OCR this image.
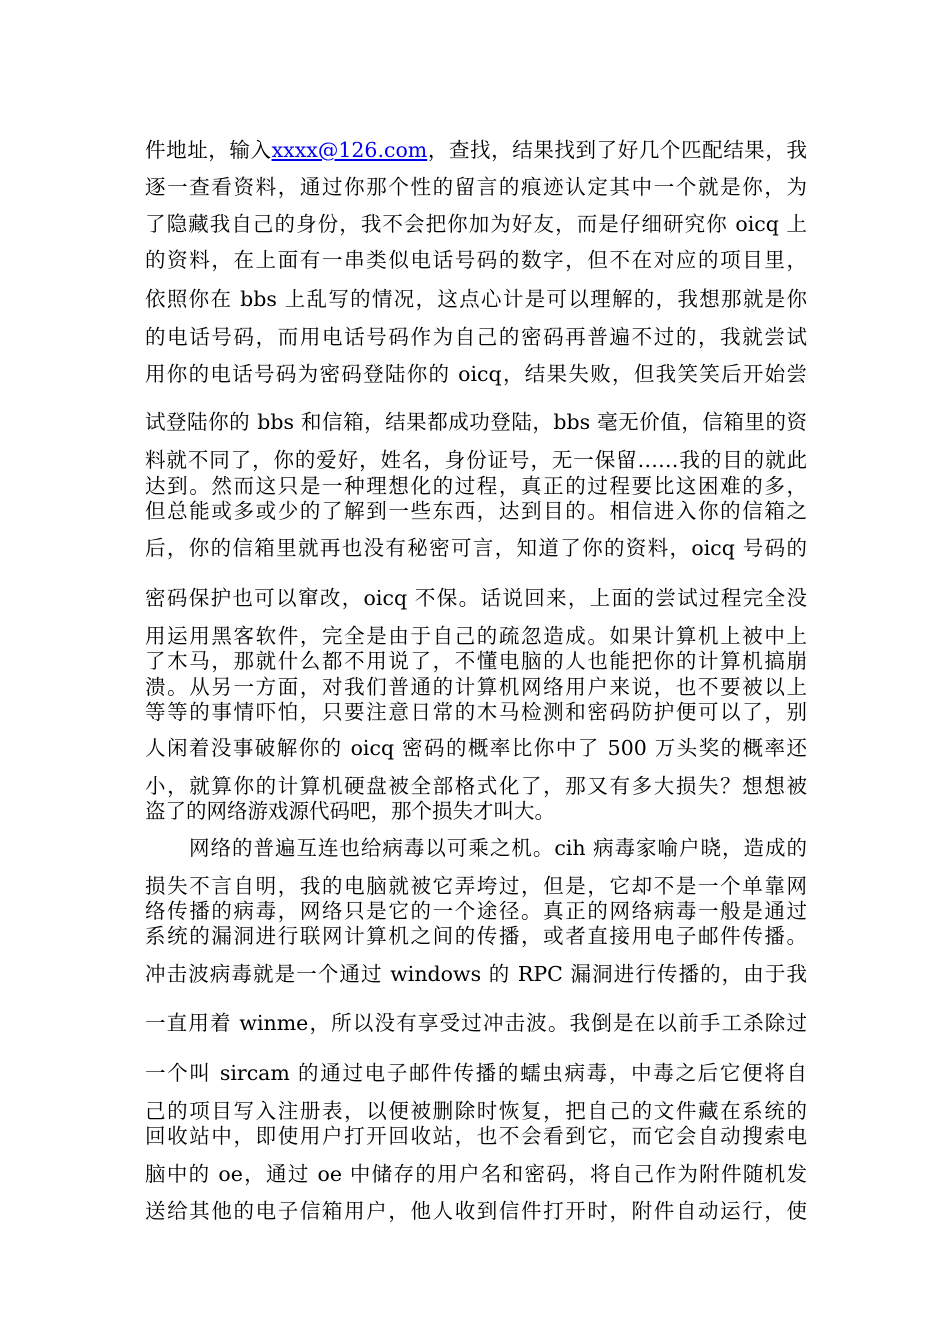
件地址，输入xxxx@126.com，查找，结果找到了好几个匹配结果，我
逐一查看资料，通过你那个性的留言的痕迹认定其中一个就是你，为
了隐藏我自己的身份，我不会把你加为好友，而是仔细研究你 oicq 上
的资料，在上面有一串类似电话号码的数字，但不在对应的项目里，
依照你在 bbs 上乱写的情况，这点心计是可以理解的，我想那就是你
的电话号码，而用电话号码作为自己的密码再普遍不过的，我就尝试
用你的电话号码为密码登陆你的 oicq，结果失败，但我笑笑后开始尝
试登陆你的 bbs 和信箱，结果都成功登陆，bbs 毫无价值，信箱里的资
料就不同了，你的爱好，姓名，身份证号，无一保留……我的目的就此
达到。然而这只是一种理想化的过程，真正的过程要比这困难的多，
但总能或多或少的了解到一些东西，达到目的。相信进入你的信箱之
后，你的信箱里就再也没有秘密可言，知道了你的资料，oicq 号码的
密码保护也可以窜改，oicq 不保。话说回来，上面的尝试过程完全没
用运用黑客软件，完全是由于自己的疏忽造成。如果计算机上被中上
了木马，那就什么都不用说了，不懂电脑的人也能把你的计算机搞崩
溃。从另一方面，对我们普通的计算机网络用户来说，也不要被以上
等等的事情吓怕，只要注意日常的木马检测和密码防护便可以了，别
人闲着没事破解你的 oicq 密码的概率比你中了 500 万头奖的概率还
小，就算你的计算机硬盘被全部格式化了，那又有多大损失？想想被
盗了的网络游戏源代码吧，那个损失才叫大。
网络的普遍互连也给病毒以可乘之机。cih 病毒家喻户晓，造成的
损失不言自明，我的电脑就被它弄垮过，但是，它却不是一个单靠网
络传播的病毒，网络只是它的一个途径。真正的网络病毒一般是通过
系统的漏洞进行联网计算机之间的传播，或者直接用电子邮件传播。
冲击波病毒就是一个通过 windows 的 RPC 漏洞进行传播的，由于我
一直用着 winme，所以没有享受过冲击波。我倒是在以前手工杀除过
一个叫 sircam 的通过电子邮件传播的蠕虫病毒，中毒之后它便将自
己的项目写入注册表，以便被删除时恢复，把自己的文件藏在系统的
回收站中，即使用户打开回收站，也不会看到它，而它会自动搜索电
脑中的 oe，通过 oe 中储存的用户名和密码，将自己作为附件随机发
送给其他的电子信箱用户，他人收到信件打开时，附件自动运行，使
